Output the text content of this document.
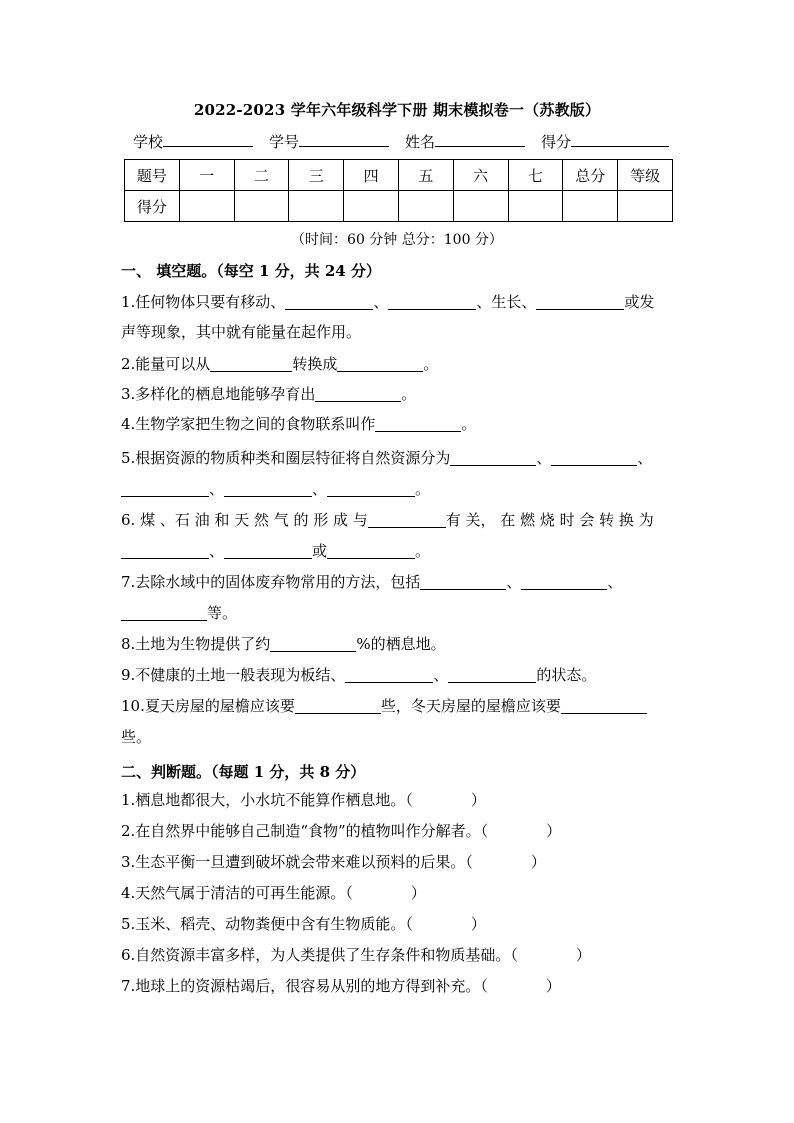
2022-2023 学年六年级科学下册 期末模拟卷一（苏教版）
学校	学号	姓名	得分
题号	一	二	三	四	五	六	七	总分	等级
得分									
（时间：60 分钟 总分：100 分）
一、 填空题。（每空 1 分，共 24 分）
1.任何物体只要有移动、	、	、生长、	或发
声等现象，其中就有能量在起作用。
2.能量可以从	转换成	。
3.多样化的栖息地能够孕育出	。
4.生物学家把生物之间的食物联系叫作	。
5.根据资源的物质种类和圈层特征将自然资源分为	、	、
、	、	。
6. 煤 、石 油 和 天 然 气 的 形 成 与	有 关， 在 燃 烧 时 会 转 换 为
、	或	。
7.去除水域中的固体废弃物常用的方法，包括	、	、
等。
8.土地为生物提供了约	%的栖息地。
9.不健康的土地一般表现为板结、	、	的状态。
10.夏天房屋的屋檐应该要	些，冬天房屋的屋檐应该要
些。
二、判断题。（每题 1 分，共 8 分）
1.栖息地都很大，小水坑不能算作栖息地。（	）
2.在自然界中能够自己制造“食物”的植物叫作分解者。（	）
3.生态平衡一旦遭到破坏就会带来难以预料的后果。（	）
4.天然气属于清洁的可再生能源。（	）
5.玉米、稻壳、动物粪便中含有生物质能。（	）
6.自然资源丰富多样，为人类提供了生存条件和物质基础。（	）
7.地球上的资源枯竭后，很容易从别的地方得到补充。（	）
